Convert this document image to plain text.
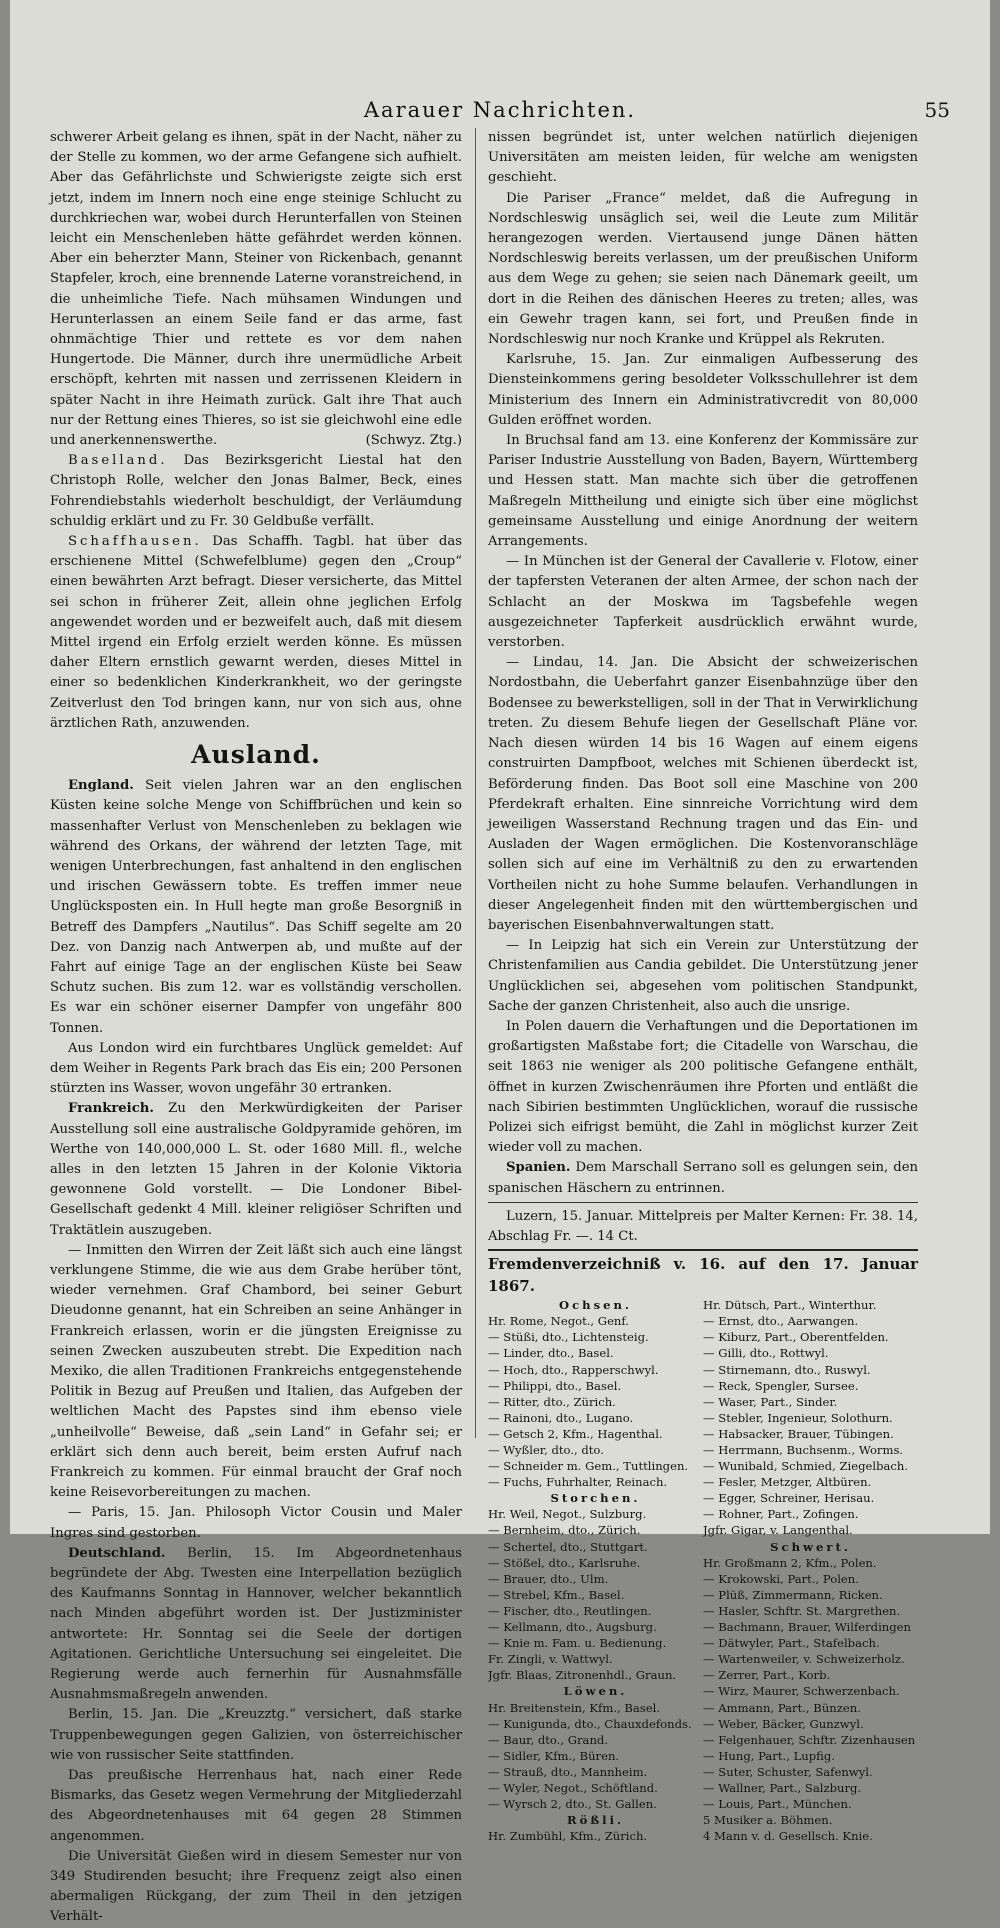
Aarauer Nachrichten.	55

schwerer Arbeit gelang es ihnen, spät in der Nacht, näher zu der Stelle zu kommen, wo der arme Gefangene sich aufhielt. Aber das Gefährlichste und Schwierigste zeigte sich erst jetzt, indem im Innern noch eine enge steinige Schlucht zu durchkriechen war, wobei durch Herunterfallen von Steinen leicht ein Menschenleben hätte gefährdet werden können. Aber ein beherzter Mann, Steiner von Rickenbach, genannt Stapfeler, kroch, eine brennende Laterne voranstreichend, in die unheimliche Tiefe. Nach mühsamen Windungen und Herunterlassen an einem Seile fand er das arme, fast ohnmächtige Thier und rettete es vor dem nahen Hungertode. Die Männer, durch ihre unermüdliche Arbeit erschöpft, kehrten mit nassen und zerrissenen Kleidern in später Nacht in ihre Heimath zurück. Galt ihre That auch nur der Rettung eines Thieres, so ist sie gleichwohl eine edle und anerkennenswerthe.	(Schwyz. Ztg.)

Baselland. Das Bezirksgericht Liestal hat den Christoph Rolle, welcher den Jonas Balmer, Beck, eines Fohrendiebstahls wiederholt beschuldigt, der Verläumdung schuldig erklärt und zu Fr. 30 Geldbuße verfällt.

Schaffhausen. Das Schaffh. Tagbl. hat über das erschienene Mittel (Schwefelblume) gegen den „Croup“ einen bewährten Arzt befragt. Dieser versicherte, das Mittel sei schon in früherer Zeit, allein ohne jeglichen Erfolg angewendet worden und er bezweifelt auch, daß mit diesem Mittel irgend ein Erfolg erzielt werden könne. Es müssen daher Eltern ernstlich gewarnt werden, dieses Mittel in einer so bedenklichen Kinderkrankheit, wo der geringste Zeitverlust den Tod bringen kann, nur von sich aus, ohne ärztlichen Rath, anzuwenden.

Ausland.

England. Seit vielen Jahren war an den englischen Küsten keine solche Menge von Schiffbrüchen und kein so massenhafter Verlust von Menschenleben zu beklagen wie während des Orkans, der während der letzten Tage, mit wenigen Unterbrechungen, fast anhaltend in den englischen und irischen Gewässern tobte. Es treffen immer neue Unglücksposten ein. In Hull hegte man große Besorgniß in Betreff des Dampfers „Nautilus“. Das Schiff segelte am 20 Dez. von Danzig nach Antwerpen ab, und mußte auf der Fahrt auf einige Tage an der englischen Küste bei Seaw Schutz suchen. Bis zum 12. war es vollständig verschollen. Es war ein schöner eiserner Dampfer von ungefähr 800 Tonnen.

Aus London wird ein furchtbares Unglück gemeldet: Auf dem Weiher in Regents Park brach das Eis ein; 200 Personen stürzten ins Wasser, wovon ungefähr 30 ertranken.

Frankreich. Zu den Merkwürdigkeiten der Pariser Ausstellung soll eine australische Goldpyramide gehören, im Werthe von 140,000,000 L. St. oder 1680 Mill. fl., welche alles in den letzten 15 Jahren in der Kolonie Viktoria gewonnene Gold vorstellt. — Die Londoner Bibel-Gesellschaft gedenkt 4 Mill. kleiner religiöser Schriften und Traktätlein auszugeben.

— Inmitten den Wirren der Zeit läßt sich auch eine längst verklungene Stimme, die wie aus dem Grabe herüber tönt, wieder vernehmen. Graf Chambord, bei seiner Geburt Dieudonne genannt, hat ein Schreiben an seine Anhänger in Frankreich erlassen, worin er die jüngsten Ereignisse zu seinen Zwecken auszubeuten strebt. Die Expedition nach Mexiko, die allen Traditionen Frankreichs entgegenstehende Politik in Bezug auf Preußen und Italien, das Aufgeben der weltlichen Macht des Papstes sind ihm ebenso viele „unheilvolle“ Beweise, daß „sein Land“ in Gefahr sei; er erklärt sich denn auch bereit, beim ersten Aufruf nach Frankreich zu kommen. Für einmal braucht der Graf noch keine Reisevorbereitungen zu machen.

— Paris, 15. Jan. Philosoph Victor Cousin und Maler Ingres sind gestorben.

Deutschland. Berlin, 15. Im Abgeordnetenhaus begründete der Abg. Twesten eine Interpellation bezüglich des Kaufmanns Sonntag in Hannover, welcher bekanntlich nach Minden abgeführt worden ist. Der Justizminister antwortete: Hr. Sonntag sei die Seele der dortigen Agitationen. Gerichtliche Untersuchung sei eingeleitet. Die Regierung werde auch fernerhin für Ausnahmsfälle Ausnahmsmaßregeln anwenden.

Berlin, 15. Jan. Die „Kreuzztg.“ versichert, daß starke Truppenbewegungen gegen Galizien, von österreichischer wie von russischer Seite stattfinden.

Das preußische Herrenhaus hat, nach einer Rede Bismarks, das Gesetz wegen Vermehrung der Mitgliederzahl des Abgeordnetenhauses mit 64 gegen 28 Stimmen angenommen.

Die Universität Gießen wird in diesem Semester nur von 349 Studirenden besucht; ihre Frequenz zeigt also einen abermaligen Rückgang, der zum Theil in den jetzigen Verhält-

nissen begründet ist, unter welchen natürlich diejenigen Universitäten am meisten leiden, für welche am wenigsten geschieht.

Die Pariser „France“ meldet, daß die Aufregung in Nordschleswig unsäglich sei, weil die Leute zum Militär herangezogen werden. Viertausend junge Dänen hätten Nordschleswig bereits verlassen, um der preußischen Uniform aus dem Wege zu gehen; sie seien nach Dänemark geeilt, um dort in die Reihen des dänischen Heeres zu treten; alles, was ein Gewehr tragen kann, sei fort, und Preußen finde in Nordschleswig nur noch Kranke und Krüppel als Rekruten.

Karlsruhe, 15. Jan. Zur einmaligen Aufbesserung des Diensteinkommens gering besoldeter Volksschullehrer ist dem Ministerium des Innern ein Administrativcredit von 80,000 Gulden eröffnet worden.

In Bruchsal fand am 13. eine Konferenz der Kommissäre zur Pariser Industrie Ausstellung von Baden, Bayern, Württemberg und Hessen statt. Man machte sich über die getroffenen Maßregeln Mittheilung und einigte sich über eine möglichst gemeinsame Ausstellung und einige Anordnung der weitern Arrangements.

— In München ist der General der Cavallerie v. Flotow, einer der tapfersten Veteranen der alten Armee, der schon nach der Schlacht an der Moskwa im Tagsbefehle wegen ausgezeichneter Tapferkeit ausdrücklich erwähnt wurde, verstorben.

— Lindau, 14. Jan. Die Absicht der schweizerischen Nordostbahn, die Ueberfahrt ganzer Eisenbahnzüge über den Bodensee zu bewerkstelligen, soll in der That in Verwirklichung treten. Zu diesem Behufe liegen der Gesellschaft Pläne vor. Nach diesen würden 14 bis 16 Wagen auf einem eigens construirten Dampfboot, welches mit Schienen überdeckt ist, Beförderung finden. Das Boot soll eine Maschine von 200 Pferdekraft erhalten. Eine sinnreiche Vorrichtung wird dem jeweiligen Wasserstand Rechnung tragen und das Ein- und Ausladen der Wagen ermöglichen. Die Kostenvoranschläge sollen sich auf eine im Verhältniß zu den zu erwartenden Vortheilen nicht zu hohe Summe belaufen. Verhandlungen in dieser Angelegenheit finden mit den württembergischen und bayerischen Eisenbahnverwaltungen statt.

— In Leipzig hat sich ein Verein zur Unterstützung der Christenfamilien aus Candia gebildet. Die Unterstützung jener Unglücklichen sei, abgesehen vom politischen Standpunkt, Sache der ganzen Christenheit, also auch die unsrige.

In Polen dauern die Verhaftungen und die Deportationen im großartigsten Maßstabe fort; die Citadelle von Warschau, die seit 1863 nie weniger als 200 politische Gefangene enthält, öffnet in kurzen Zwischenräumen ihre Pforten und entläßt die nach Sibirien bestimmten Unglücklichen, worauf die russische Polizei sich eifrigst bemüht, die Zahl in möglichst kurzer Zeit wieder voll zu machen.

Spanien. Dem Marschall Serrano soll es gelungen sein, den spanischen Häschern zu entrinnen.

Luzern, 15. Januar. Mittelpreis per Malter Kernen: Fr. 38. 14, Abschlag Fr. —. 14 Ct.

Fremdenverzeichniß v. 16. auf den 17. Januar 1867.
Ochsen.
Hr. Rome, Negot., Genf.
— Stüßi, dto., Lichtensteig.
— Linder, dto., Basel.
— Hoch, dto., Rapperschwyl.
— Philippi, dto., Basel.
— Ritter, dto., Zürich.
— Rainoni, dto., Lugano.
— Getsch 2, Kfm., Hagenthal.
— Wyßler, dto., dto.
— Schneider m. Gem., Tuttlingen.
— Fuchs, Fuhrhalter, Reinach.
Storchen.
Hr. Weil, Negot., Sulzburg.
— Bernheim, dto., Zürich.
— Schertel, dto., Stuttgart.
— Stößel, dto., Karlsruhe.
— Brauer, dto., Ulm.
— Strebel, Kfm., Basel.
— Fischer, dto., Reutlingen.
— Kellmann, dto., Augsburg.
— Knie m. Fam. u. Bedienung.
Fr. Zingli, v. Wattwyl.
Jgfr. Blaas, Zitronenhdl., Graun.
Löwen.
Hr. Breitenstein, Kfm., Basel.
— Kunigunda, dto., Chauxdefonds.
— Baur, dto., Grand.
— Sidler, Kfm., Büren.
— Strauß, dto., Mannheim.
— Wyler, Negot., Schöftland.
— Wyrsch 2, dto., St. Gallen.
Rößli.
Hr. Zumbühl, Kfm., Zürich.
Hr. Dütsch, Part., Winterthur.
— Ernst, dto., Aarwangen.
— Kiburz, Part., Oberentfelden.
— Gilli, dto., Rottwyl.
— Stirnemann, dto., Ruswyl.
— Reck, Spengler, Sursee.
— Waser, Part., Sinder.
— Stebler, Ingenieur, Solothurn.
— Habsacker, Brauer, Tübingen.
— Herrmann, Buchsenm., Worms.
— Wunibald, Schmied, Ziegelbach.
— Fesler, Metzger, Altbüren.
— Egger, Schreiner, Herisau.
— Rohner, Part., Zofingen.
Jgfr. Gigar, v. Langenthal.
Schwert.
Hr. Großmann 2, Kfm., Polen.
— Krokowski, Part., Polen.
— Plüß, Zimmermann, Ricken.
— Hasler, Schftr. St. Margrethen.
— Bachmann, Brauer, Wilferdingen
— Dätwyler, Part., Stafelbach.
— Wartenweiler, v. Schweizerholz.
— Zerrer, Part., Korb.
— Wirz, Maurer, Schwerzenbach.
— Ammann, Part., Bünzen.
— Weber, Bäcker, Gunzwyl.
— Felgenhauer, Schftr. Zizenhausen
— Hung, Part., Lupfig.
— Suter, Schuster, Safenwyl.
— Wallner, Part., Salzburg.
— Louis, Part., München.
5 Musiker a. Böhmen.
4 Mann v. d. Gesellsch. Knie.
